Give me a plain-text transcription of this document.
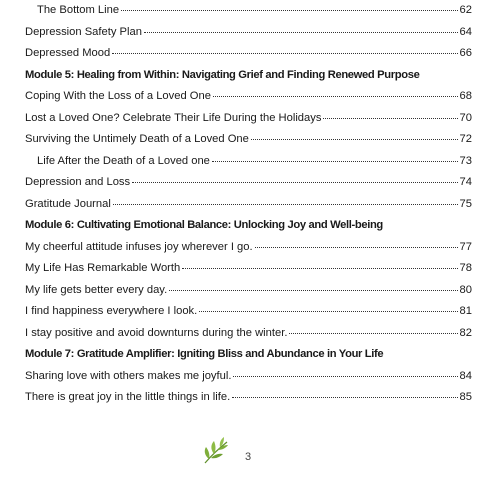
The Bottom Line	62
Depression Safety Plan	64
Depressed Mood	66
Module 5: Healing from Within: Navigating Grief and Finding Renewed Purpose
Coping With the Loss of a Loved One	68
Lost a Loved One? Celebrate Their Life During the Holidays	70
Surviving the Untimely Death of a Loved One	72
Life After the Death of a Loved one	73
Depression and Loss	74
Gratitude Journal	75
Module 6: Cultivating Emotional Balance: Unlocking Joy and Well-being
My cheerful attitude infuses joy wherever I go.	77
My Life Has Remarkable Worth	78
My life gets better every day.	80
I find happiness everywhere I look.	81
I stay positive and avoid downturns during the winter.	82
Module 7: Gratitude Amplifier: Igniting Bliss and Abundance in Your Life
Sharing love with others makes me joyful.	84
There is great joy in the little things in life.	85
3
